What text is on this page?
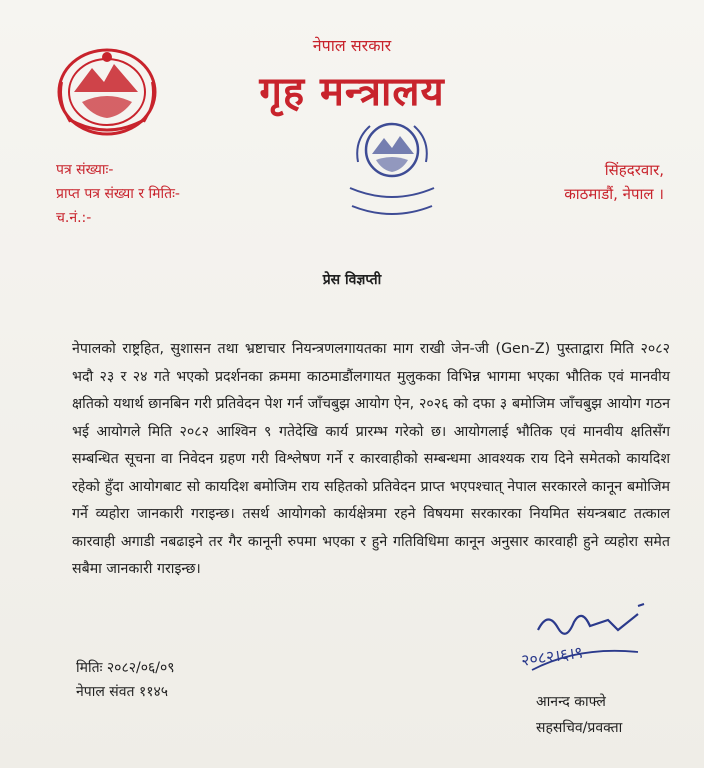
नेपाल सरकार
गृह मन्त्रालय
पत्र संख्याः-
प्राप्त पत्र संख्या र मितिः-
च.नं.:-
सिंहदरवार,
काठमाडौं, नेपाल ।
प्रेस विज्ञप्ती
नेपालको राष्ट्रहित, सुशासन तथा भ्रष्टाचार नियन्त्रणलगायतका माग राखी जेन-जी (Gen-Z) पुस्ताद्वारा मिति २०८२ भदौ २३ र २४ गते भएको प्रदर्शनका क्रममा काठमाडौंलगायत मुलुकका विभिन्न भागमा भएका भौतिक एवं मानवीय क्षतिको यथार्थ छानबिन गरी प्रतिवेदन पेश गर्न जाँचबुझ आयोग ऐन, २०२६ को दफा ३ बमोजिम जाँचबुझ आयोग गठन भई आयोगले मिति २०८२ आश्विन ९ गतेदेखि कार्य प्रारम्भ गरेको छ। आयोगलाई भौतिक एवं मानवीय क्षतिसँग सम्बन्धित सूचना वा निवेदन ग्रहण गरी विश्लेषण गर्ने र कारवाहीको सम्बन्धमा आवश्यक राय दिने समेतको कायदिश रहेको हुँदा आयोगबाट सो कायदिश बमोजिम राय सहितको प्रतिवेदन प्राप्त भएपश्चात् नेपाल सरकारले कानून बमोजिम गर्ने व्यहोरा जानकारी गराइन्छ। तसर्थ आयोगको कार्यक्षेत्रमा रहने विषयमा सरकारका नियमित संयन्त्रबाट तत्काल कारवाही अगाडी नबढाइने तर गैर कानूनी रुपमा भएका र हुने गतिविधिमा कानून अनुसार कारवाही हुने व्यहोरा समेत सबैमा जानकारी गराइन्छ।
मितिः २०८२/०६/०९
नेपाल संवत ११४५
२०८२।६।९
आनन्द काफ्ले
सहसचिव/प्रवक्ता
